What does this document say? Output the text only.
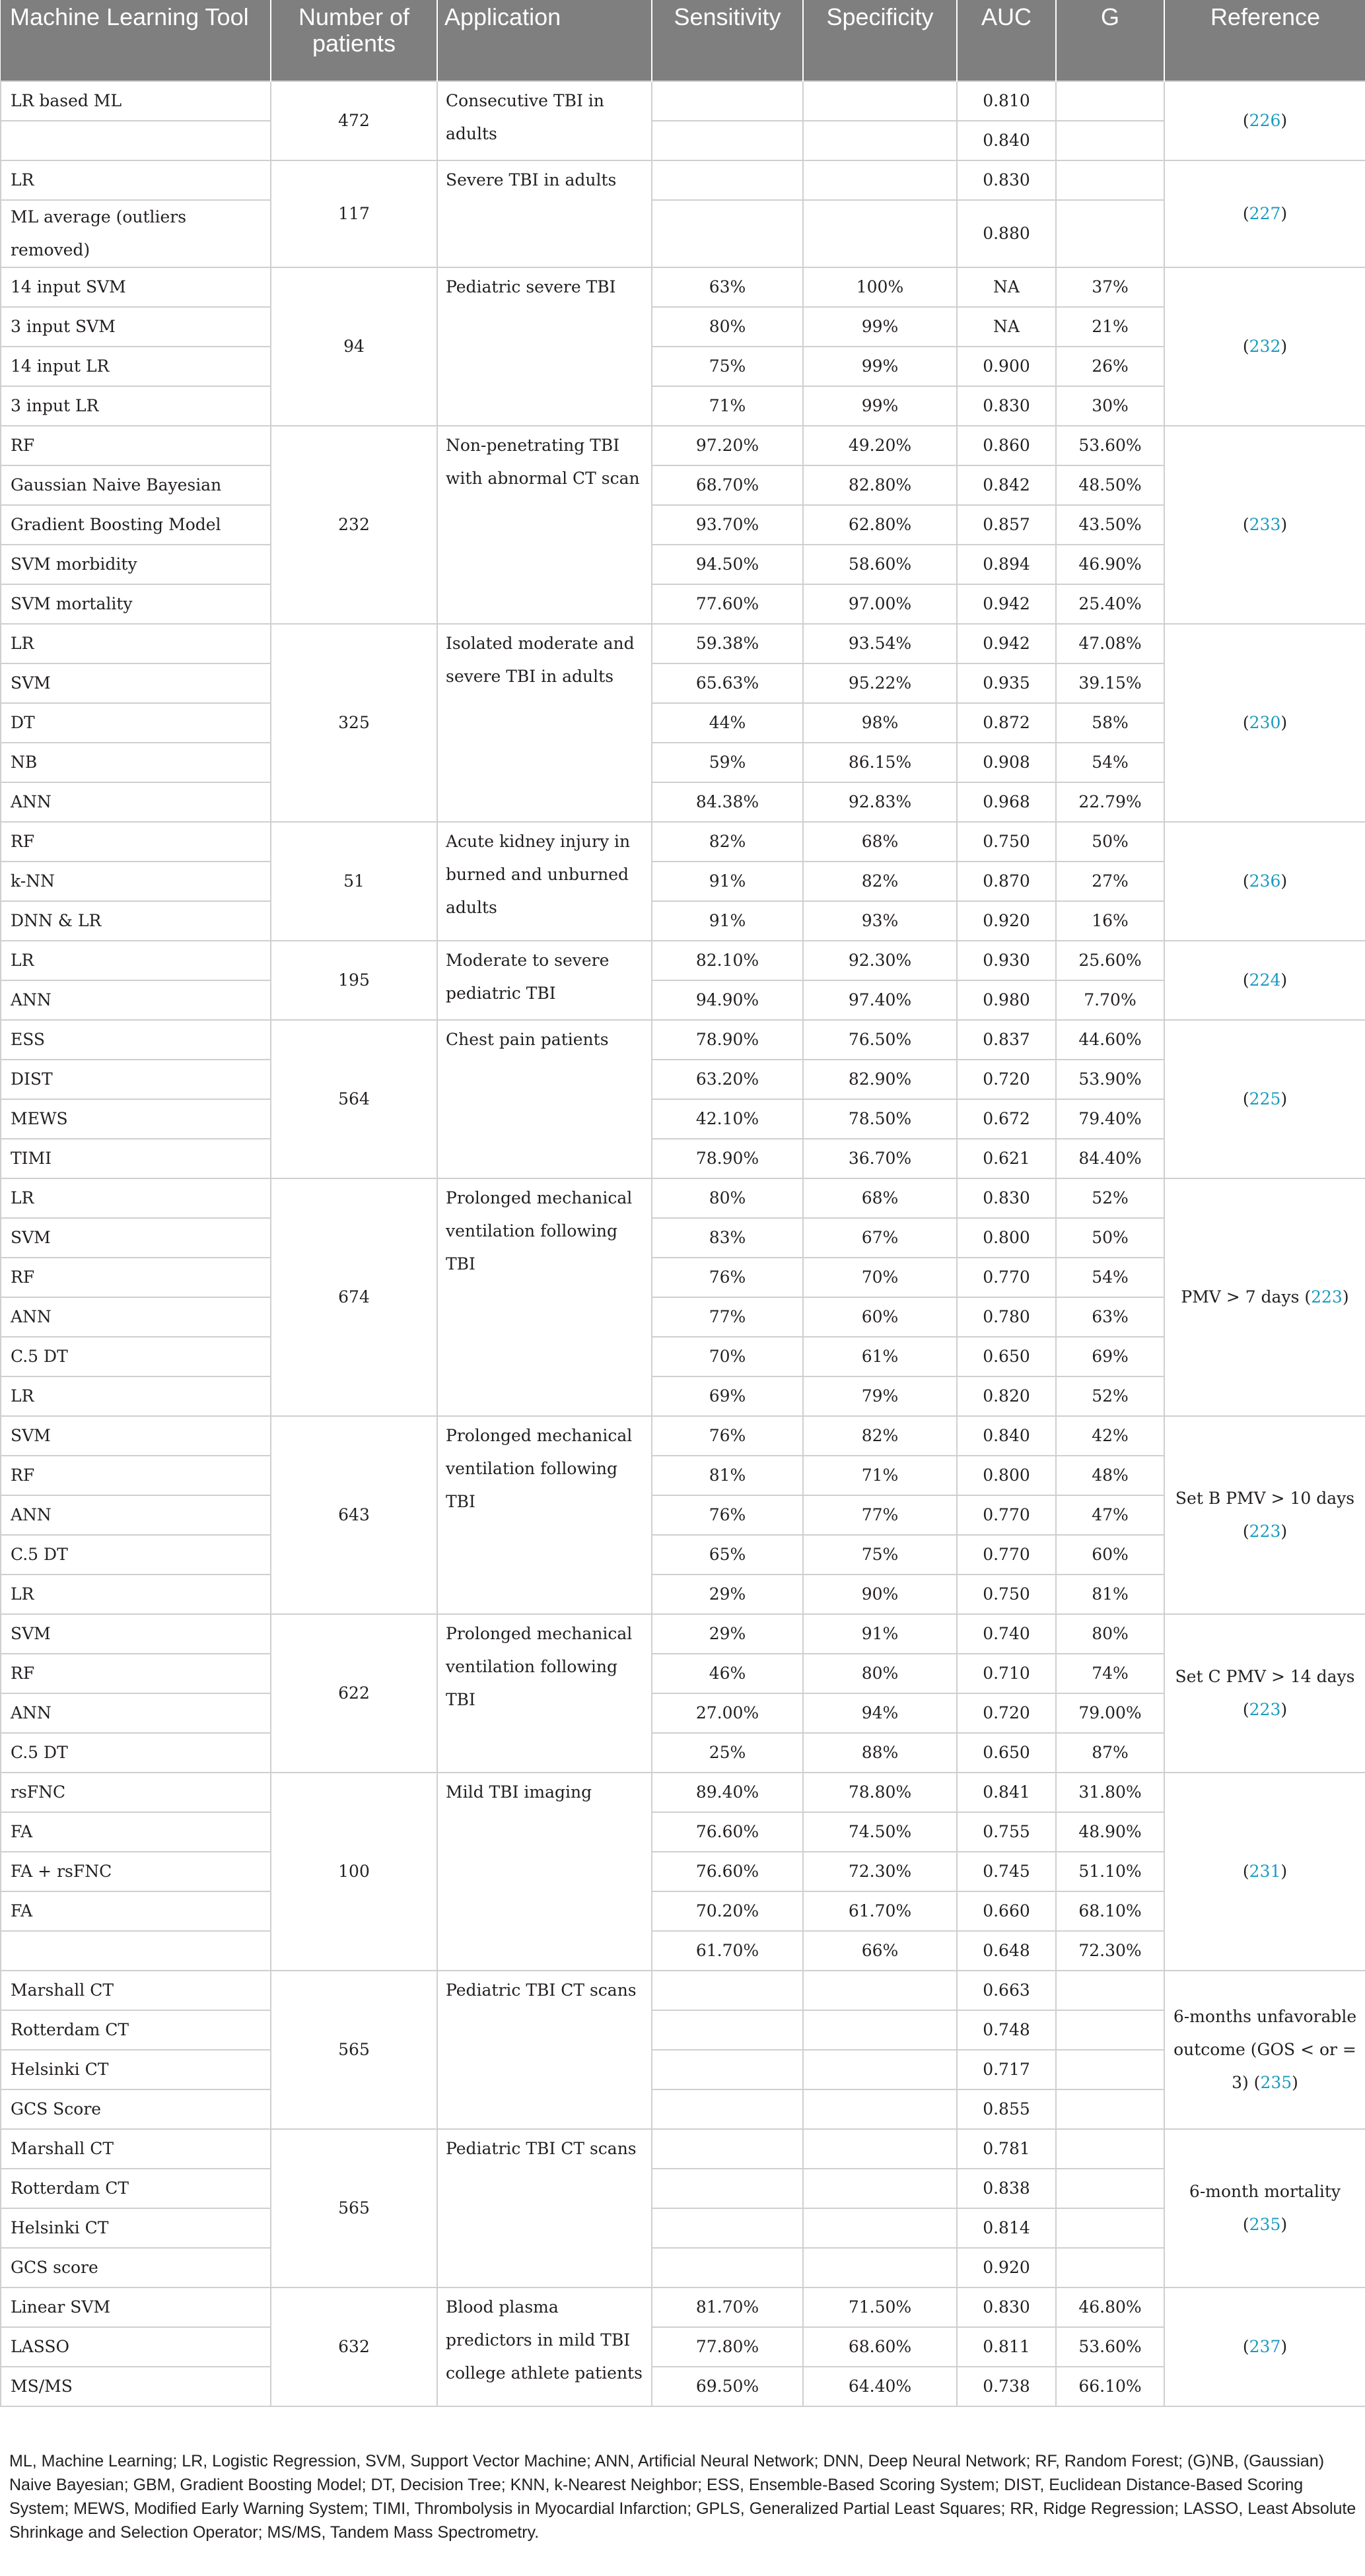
Machine Learning Tool	Number of patients	Application	Sensitivity	Specificity	AUC	G	Reference
LR based ML	472	Consecutive TBI in adults			0.810		(226)
					0.840		
LR	117	Severe TBI in adults			0.830		(227)
ML average (outliers removed)					0.880		
14 input SVM	94	Pediatric severe TBI	63%	100%	NA	37%	(232)
3 input SVM			80%	99%	NA	21%	
14 input LR			75%	99%	0.900	26%	
3 input LR			71%	99%	0.830	30%	
RF	232	Non-penetrating TBI with abnormal CT scan	97.20%	49.20%	0.860	53.60%	(233)
Gaussian Naive Bayesian			68.70%	82.80%	0.842	48.50%	
Gradient Boosting Model			93.70%	62.80%	0.857	43.50%	
SVM morbidity			94.50%	58.60%	0.894	46.90%	
SVM mortality			77.60%	97.00%	0.942	25.40%	
LR	325	Isolated moderate and severe TBI in adults	59.38%	93.54%	0.942	47.08%	(230)
SVM			65.63%	95.22%	0.935	39.15%	
DT			44%	98%	0.872	58%	
NB			59%	86.15%	0.908	54%	
ANN			84.38%	92.83%	0.968	22.79%	
RF	51	Acute kidney injury in burned and unburned adults	82%	68%	0.750	50%	(236)
k-NN			91%	82%	0.870	27%	
DNN & LR			91%	93%	0.920	16%	
LR	195	Moderate to severe pediatric TBI	82.10%	92.30%	0.930	25.60%	(224)
ANN			94.90%	97.40%	0.980	7.70%	
ESS	564	Chest pain patients	78.90%	76.50%	0.837	44.60%	(225)
DIST			63.20%	82.90%	0.720	53.90%	
MEWS			42.10%	78.50%	0.672	79.40%	
TIMI			78.90%	36.70%	0.621	84.40%	
LR	674	Prolonged mechanical ventilation following TBI	80%	68%	0.830	52%	PMV > 7 days (223)
SVM			83%	67%	0.800	50%	
RF			76%	70%	0.770	54%	
ANN			77%	60%	0.780	63%	
C.5 DT			70%	61%	0.650	69%	
LR			69%	79%	0.820	52%	
SVM	643	Prolonged mechanical ventilation following TBI	76%	82%	0.840	42%	Set B PMV > 10 days (223)
RF			81%	71%	0.800	48%	
ANN			76%	77%	0.770	47%	
C.5 DT			65%	75%	0.770	60%	
LR			29%	90%	0.750	81%	
SVM	622	Prolonged mechanical ventilation following TBI	29%	91%	0.740	80%	Set C PMV > 14 days (223)
RF			46%	80%	0.710	74%	
ANN			27.00%	94%	0.720	79.00%	
C.5 DT			25%	88%	0.650	87%	
rsFNC	100	Mild TBI imaging	89.40%	78.80%	0.841	31.80%	(231)
FA			76.60%	74.50%	0.755	48.90%	
FA + rsFNC			76.60%	72.30%	0.745	51.10%	
FA			70.20%	61.70%	0.660	68.10%	
			61.70%	66%	0.648	72.30%	
Marshall CT	565	Pediatric TBI CT scans			0.663		6-months unfavorable outcome (GOS < or = 3) (235)
Rotterdam CT					0.748		
Helsinki CT					0.717		
GCS Score					0.855		
Marshall CT	565	Pediatric TBI CT scans			0.781		6-month mortality (235)
Rotterdam CT					0.838		
Helsinki CT					0.814		
GCS score					0.920		
Linear SVM	632	Blood plasma predictors in mild TBI college athlete patients	81.70%	71.50%	0.830	46.80%	(237)
LASSO			77.80%	68.60%	0.811	53.60%	
MS/MS			69.50%	64.40%	0.738	66.10%	
ML, Machine Learning; LR, Logistic Regression, SVM, Support Vector Machine; ANN, Artificial Neural Network; DNN, Deep Neural Network; RF, Random Forest; (G)NB, (Gaussian) Naive Bayesian; GBM, Gradient Boosting Model; DT, Decision Tree; KNN, k-Nearest Neighbor; ESS, Ensemble-Based Scoring System; DIST, Euclidean Distance-Based Scoring System; MEWS, Modified Early Warning System; TIMI, Thrombolysis in Myocardial Infarction; GPLS, Generalized Partial Least Squares; RR, Ridge Regression; LASSO, Least Absolute Shrinkage and Selection Operator; MS/MS, Tandem Mass Spectrometry.
